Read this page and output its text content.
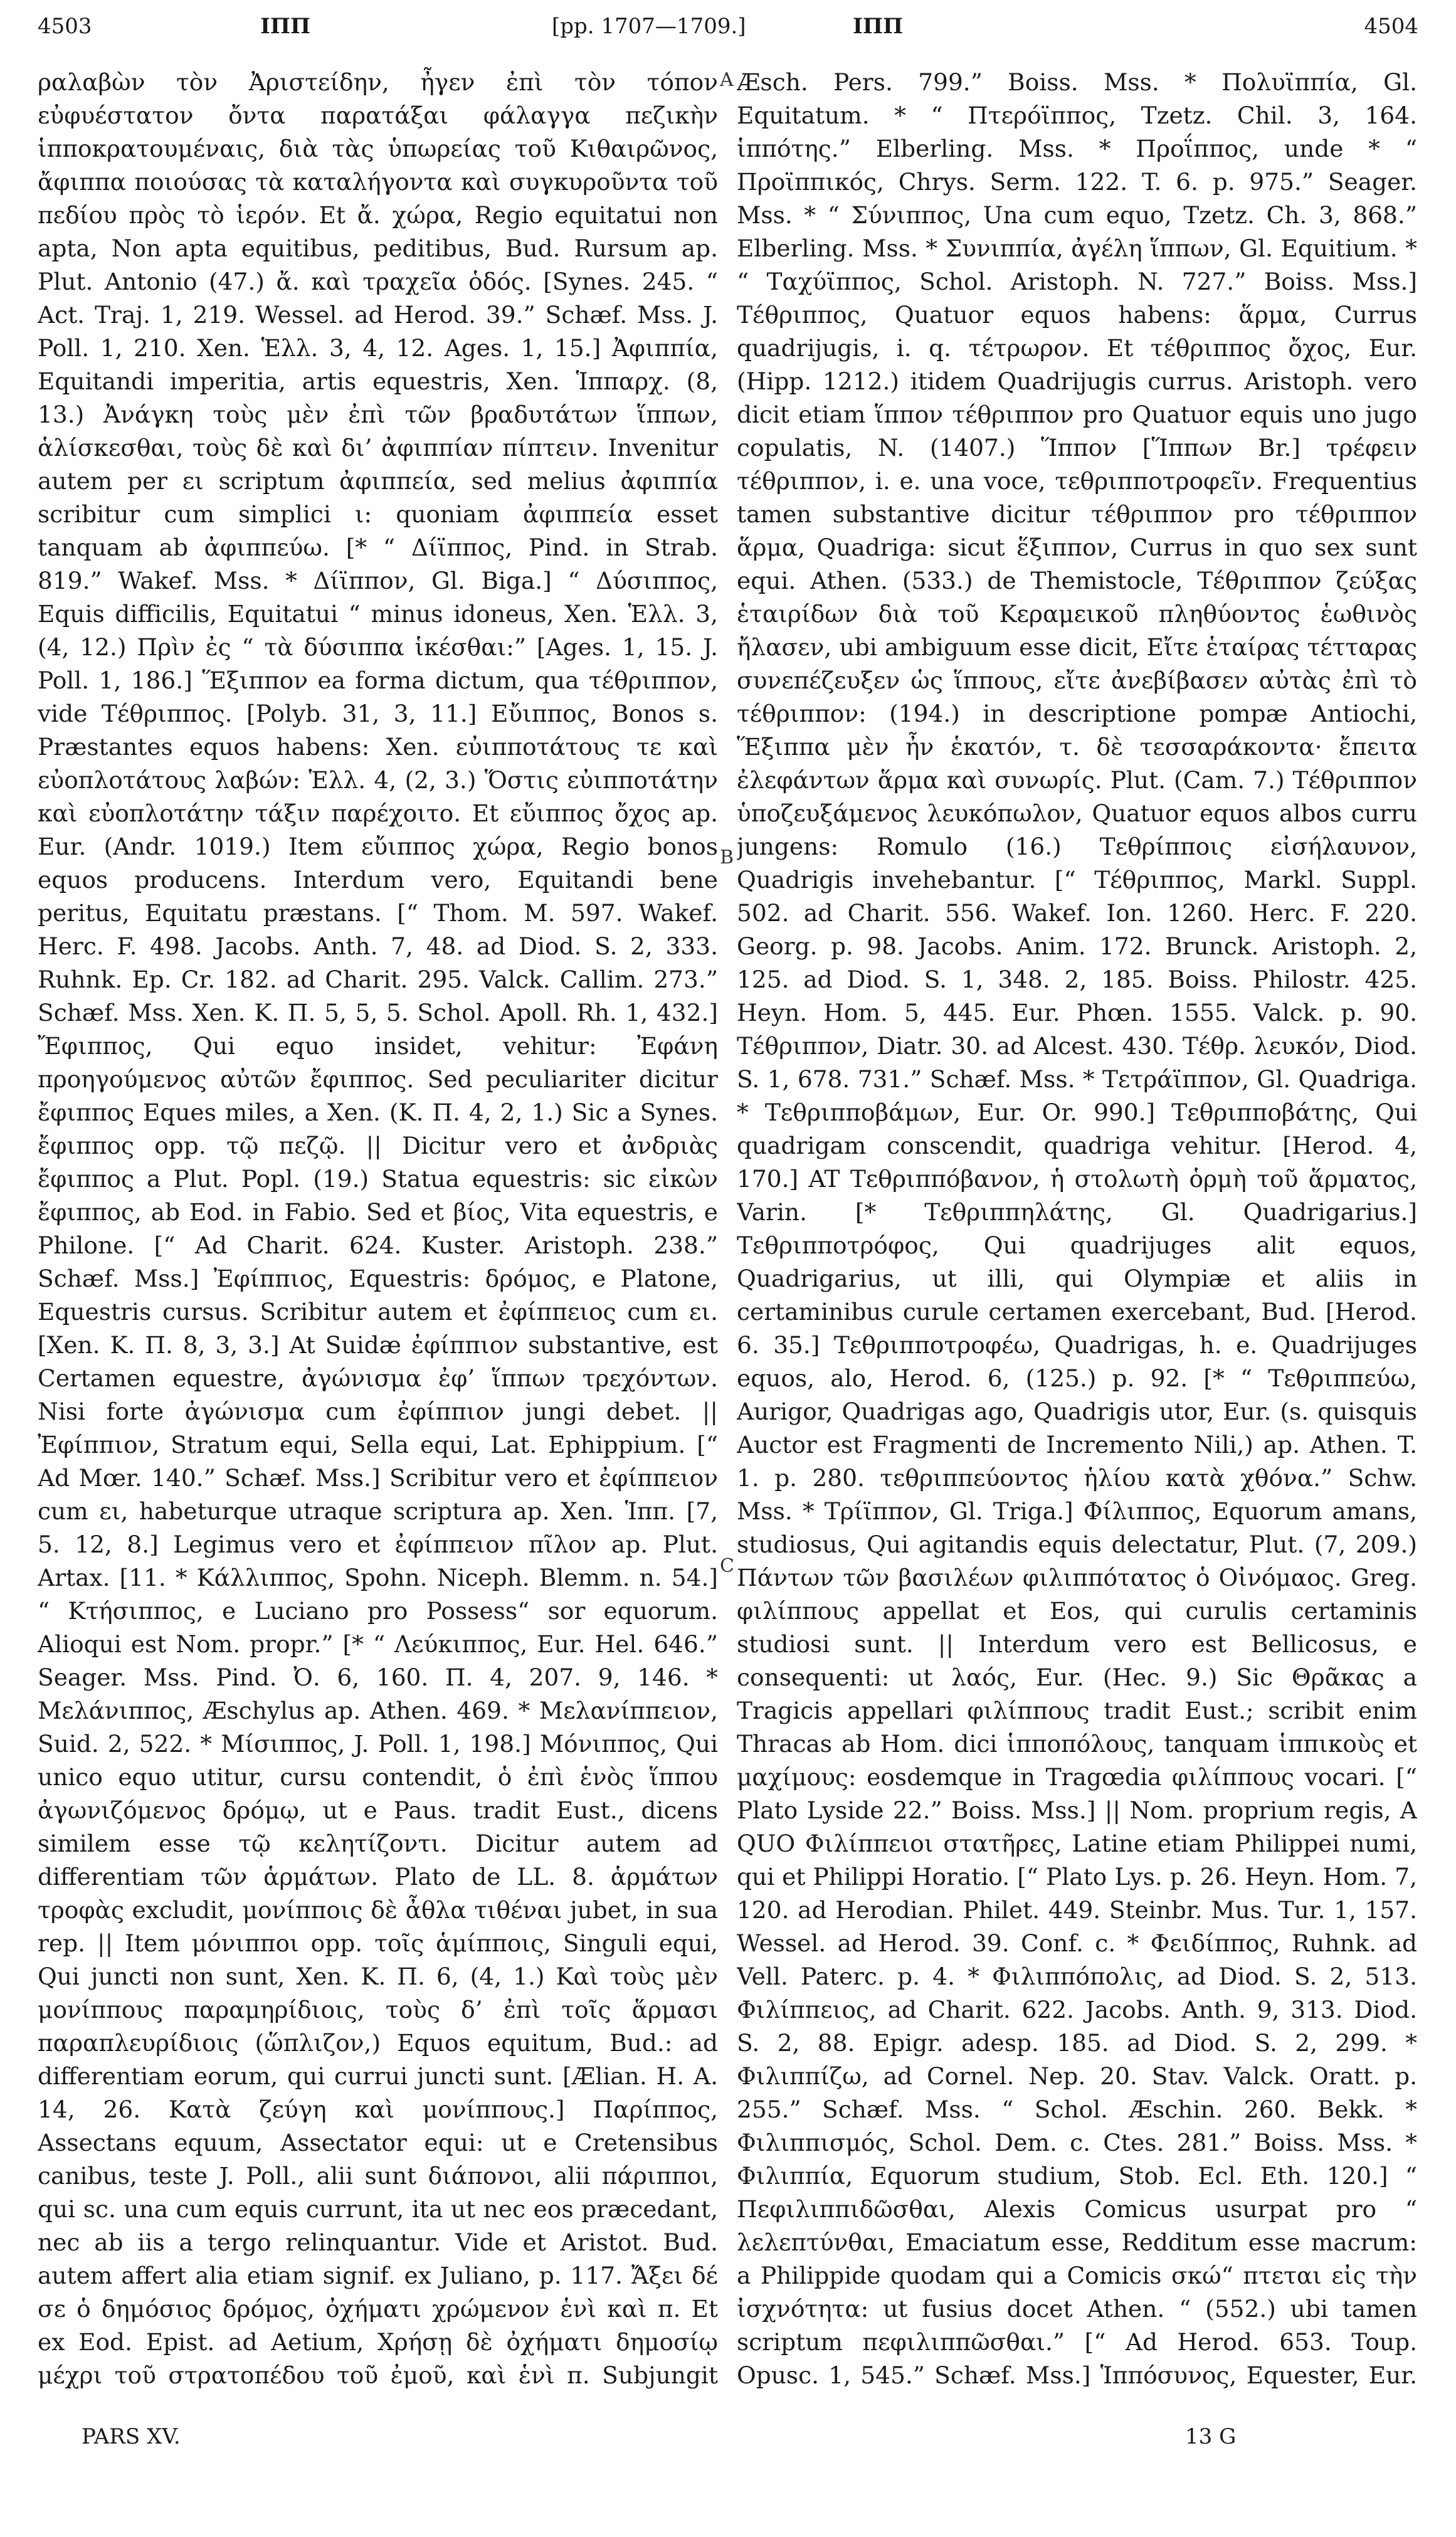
4503	ΙΠΠ	[pp. 1707—1709.]	ΙΠΠ	4504
A
B
C

ραλαβὼν τὸν Ἀριστείδην, ἦγεν ἐπὶ τὸν τόπον εὐφυέστατον ὄντα παρατάξαι φάλαγγα πεζικὴν ἱπποκρατουμέναις, διὰ τὰς ὑπωρείας τοῦ Κιθαιρῶνος, ἄφιππα ποιούσας τὰ καταλήγοντα καὶ συγκυροῦντα τοῦ πεδίου πρὸς τὸ ἱερόν. Et ἄ. χώρα, Regio equitatui non apta, Non apta equitibus, peditibus, Bud. Rursum ap. Plut. Antonio (47.) ἄ. καὶ τραχεῖα ὁδός. [Synes. 245. “ Act. Traj. 1, 219. Wessel. ad Herod. 39.” Schæf. Mss. J. Poll. 1, 210. Xen. Ἑλλ. 3, 4, 12. Ages. 1, 15.] Ἀφιππία, Equitandi imperitia, artis equestris, Xen. Ἱππαρχ. (8, 13.) Ἀνάγκη τοὺς μὲν ἐπὶ τῶν βραδυτάτων ἵππων, ἁλίσκεσθαι, τοὺς δὲ καὶ δι’ ἀφιππίαν πίπτειν. Invenitur autem per ει scriptum ἀφιππεία, sed melius ἀφιππία scribitur cum simplici ι: quoniam ἀφιππεία esset tanquam ab ἀφιππεύω. [* “ Δίϊππος, Pind. in Strab. 819.” Wakef. Mss. * Δίϊππον, Gl. Biga.] “ Δύσιππος, Equis difficilis, Equitatui “ minus idoneus, Xen. Ἑλλ. 3, (4, 12.) Πρὶν ἐς “ τὰ δύσιππα ἱκέσθαι:” [Ages. 1, 15. J. Poll. 1, 186.] Ἕξιππον ea forma dictum, qua τέθριππον, vide Τέθριππος. [Polyb. 31, 3, 11.] Εὔιππος, Bonos s. Præstantes equos habens: Xen. εὐιπποτάτους τε καὶ εὐοπλοτάτους λαβών: Ἑλλ. 4, (2, 3.) Ὅστις εὐιπποτάτην καὶ εὐοπλοτάτην τάξιν παρέχοιτο. Et εὔιππος ὄχος ap. Eur. (Andr. 1019.) Item εὔιππος χώρα, Regio bonos equos producens. Interdum vero, Equitandi bene peritus, Equitatu præstans. [“ Thom. M. 597. Wakef. Herc. F. 498. Jacobs. Anth. 7, 48. ad Diod. S. 2, 333. Ruhnk. Ep. Cr. 182. ad Charit. 295. Valck. Callim. 273.” Schæf. Mss. Xen. K. Π. 5, 5, 5. Schol. Apoll. Rh. 1, 432.] Ἔφιππος, Qui equo insidet, vehitur: Ἐφάνη προηγούμενος αὐτῶν ἔφιππος. Sed peculiariter dicitur ἔφιππος Eques miles, a Xen. (K. Π. 4, 2, 1.) Sic a Synes. ἔφιππος opp. τῷ πεζῷ. || Dicitur vero et ἀνδριὰς ἔφιππος a Plut. Popl. (19.) Statua equestris: sic εἰκὼν ἔφιππος, ab Eod. in Fabio. Sed et βίος, Vita equestris, e Philone. [“ Ad Charit. 624. Kuster. Aristoph. 238.” Schæf. Mss.] Ἐφίππιος, Equestris: δρόμος, e Platone, Equestris cursus. Scribitur autem et ἐφίππειος cum ει. [Xen. K. Π. 8, 3, 3.] At Suidæ ἐφίππιον substantive, est Certamen equestre, ἀγώνισμα ἐφ’ ἵππων τρεχόντων. Nisi forte ἀγώνισμα cum ἐφίππιον jungi debet. || Ἐφίππιον, Stratum equi, Sella equi, Lat. Ephippium. [“ Ad Mœr. 140.” Schæf. Mss.] Scribitur vero et ἐφίππειον cum ει, habeturque utraque scriptura ap. Xen. Ἱππ. [7, 5. 12, 8.] Legimus vero et ἐφίππειον πῖλον ap. Plut. Artax. [11. * Κάλλιππος, Spohn. Niceph. Blemm. n. 54.] “ Κτήσιππος, e Luciano pro Possess“ sor equorum. Alioqui est Nom. propr.” [* “ Λεύκιππος, Eur. Hel. 646.” Seager. Mss. Pind. Ὀ. 6, 160. Π. 4, 207. 9, 146. * Μελάνιππος, Æschylus ap. Athen. 469. * Μελανίππειον, Suid. 2, 522. * Μίσιππος, J. Poll. 1, 198.] Μόνιππος, Qui unico equo utitur, cursu contendit, ὁ ἐπὶ ἑνὸς ἵππου ἀγωνιζόμενος δρόμῳ, ut e Paus. tradit Eust., dicens similem esse τῷ κελητίζοντι. Dicitur autem ad differentiam τῶν ἁρμάτων. Plato de LL. 8. ἁρμάτων τροφὰς excludit, μονίπποις δὲ ἆθλα τιθέναι jubet, in sua rep. || Item μόνιπποι opp. τοῖς ἁμίπποις, Singuli equi, Qui juncti non sunt, Xen. K. Π. 6, (4, 1.) Καὶ τοὺς μὲν μονίππους παραμηρίδιοις, τοὺς δ’ ἐπὶ τοῖς ἅρμασι παραπλευρίδιοις (ὥπλιζον,) Equos equitum, Bud.: ad differentiam eorum, qui currui juncti sunt. [Ælian. H. A. 14, 26. Κατὰ ζεύγη καὶ μονίππους.] Παρίππος, Assectans equum, Assectator equi: ut e Cretensibus canibus, teste J. Poll., alii sunt διάπονοι, alii πάριπποι, qui sc. una cum equis currunt, ita ut nec eos præcedant, nec ab iis a tergo relinquantur. Vide et Aristot. Bud. autem affert alia etiam signif. ex Juliano, p. 117. Ἄξει δέ σε ὁ δημόσιος δρόμος, ὀχήματι χρώμενον ἑνὶ καὶ π. Et ex Eod. Epist. ad Aetium, Χρήσῃ δὲ ὀχήματι δημοσίῳ μέχρι τοῦ στρατοπέδου τοῦ ἐμοῦ, καὶ ἑνὶ π. Subjungit

Æsch. Pers. 799.” Boiss. Mss. * Πολυϊππία, Gl. Equitatum. * “ Πτερόϊππος, Tzetz. Chil. 3, 164. ἱππότης.” Elberling. Mss. * Προΐππος, unde * “ Προϊππικός, Chrys. Serm. 122. T. 6. p. 975.” Seager. Mss. * “ Σύνιππος, Una cum equo, Tzetz. Ch. 3, 868.” Elberling. Mss. * Συνιππία, ἀγέλη ἵππων, Gl. Equitium. * “ Ταχύϊππος, Schol. Aristoph. N. 727.” Boiss. Mss.] Τέθριππος, Quatuor equos habens: ἅρμα, Currus quadrijugis, i. q. τέτρωρον. Et τέθριππος ὄχος, Eur. (Hipp. 1212.) itidem Quadrijugis currus. Aristoph. vero dicit etiam ἵππον τέθριππον pro Quatuor equis uno jugo copulatis, N. (1407.) Ἵππον [Ἵππων Br.] τρέφειν τέθριππον, i. e. una voce, τεθριπποτροφεῖν. Frequentius tamen substantive dicitur τέθριππον pro τέθριππον ἅρμα, Quadriga: sicut ἕξιππον, Currus in quo sex sunt equi. Athen. (533.) de Themistocle, Τέθριππον ζεύξας ἑταιρίδων διὰ τοῦ Κεραμεικοῦ πληθύοντος ἑωθινὸς ἤλασεν, ubi ambiguum esse dicit, Εἴτε ἑταίρας τέτταρας συνεπέζευξεν ὡς ἵππους, εἴτε ἀνεβίβασεν αὐτὰς ἐπὶ τὸ τέθριππον: (194.) in descriptione pompæ Antiochi, Ἕξιππα μὲν ἦν ἑκατόν, τ. δὲ τεσσαράκοντα· ἔπειτα ἐλεφάντων ἅρμα καὶ συνωρίς. Plut. (Cam. 7.) Τέθριππον ὑποζευξάμενος λευκόπωλον, Quatuor equos albos curru jungens: Romulo (16.) Τεθρίπποις εἰσήλαυνον, Quadrigis invehebantur. [“ Τέθριππος, Markl. Suppl. 502. ad Charit. 556. Wakef. Ion. 1260. Herc. F. 220. Georg. p. 98. Jacobs. Anim. 172. Brunck. Aristoph. 2, 125. ad Diod. S. 1, 348. 2, 185. Boiss. Philostr. 425. Heyn. Hom. 5, 445. Eur. Phœn. 1555. Valck. p. 90. Τέθριππον, Diatr. 30. ad Alcest. 430. Τέθρ. λευκόν, Diod. S. 1, 678. 731.” Schæf. Mss. * Τετράϊππον, Gl. Quadriga. * Τεθριπποβάμων, Eur. Or. 990.] Τεθριπποβάτης, Qui quadrigam conscendit, quadriga vehitur. [Herod. 4, 170.] AT Τεθριππόβανον, ἡ στολωτὴ ὁρμὴ τοῦ ἅρματος, Varin. [* Τεθριππηλάτης, Gl. Quadrigarius.] Τεθριπποτρόφος, Qui quadrijuges alit equos, Quadrigarius, ut illi, qui Olympiæ et aliis in certaminibus curule certamen exercebant, Bud. [Herod. 6. 35.] Τεθριπποτροφέω, Quadrigas, h. e. Quadrijuges equos, alo, Herod. 6, (125.) p. 92. [* “ Τεθριππεύω, Aurigor, Quadrigas ago, Quadrigis utor, Eur. (s. quisquis Auctor est Fragmenti de Incremento Nili,) ap. Athen. T. 1. p. 280. τεθριππεύοντος ἡλίου κατὰ χθόνα.” Schw. Mss. * Τρίϊππον, Gl. Triga.] Φίλιππος, Equorum amans, studiosus, Qui agitandis equis delectatur, Plut. (7, 209.) Πάντων τῶν βασιλέων φιλιππότατος ὁ Οἰνόμαος. Greg. φιλίππους appellat et Eos, qui curulis certaminis studiosi sunt. || Interdum vero est Bellicosus, e consequenti: ut λαός, Eur. (Hec. 9.) Sic Θρᾶκας a Tragicis appellari φιλίππους tradit Eust.; scribit enim Thracas ab Hom. dici ἱπποπόλους, tanquam ἱππικοὺς et μαχίμους: eosdemque in Tragœdia φιλίππους vocari. [“ Plato Lyside 22.” Boiss. Mss.] || Nom. proprium regis, A QUO Φιλίππειοι στατῆρες, Latine etiam Philippei numi, qui et Philippi Horatio. [“ Plato Lys. p. 26. Heyn. Hom. 7, 120. ad Herodian. Philet. 449. Steinbr. Mus. Tur. 1, 157. Wessel. ad Herod. 39. Conf. c. * Φειδίππος, Ruhnk. ad Vell. Paterc. p. 4. * Φιλιππόπολις, ad Diod. S. 2, 513. Φιλίππειος, ad Charit. 622. Jacobs. Anth. 9, 313. Diod. S. 2, 88. Epigr. adesp. 185. ad Diod. S. 2, 299. * Φιλιππίζω, ad Cornel. Nep. 20. Stav. Valck. Oratt. p. 255.” Schæf. Mss. “ Schol. Æschin. 260. Bekk. * Φιλιππισμός, Schol. Dem. c. Ctes. 281.” Boiss. Mss. * Φιλιππία, Equorum studium, Stob. Ecl. Eth. 120.] “ Πεφιλιππιδῶσθαι, Alexis Comicus usurpat pro “ λελεπτύνθαι, Emaciatum esse, Redditum esse macrum: a Philippide quodam qui a Comicis σκώ“ πτεται εἰς τὴν ἰσχνότητα: ut fusius docet Athen. “ (552.) ubi tamen scriptum πεφιλιππῶσθαι.” [“ Ad Herod. 653. Toup. Opusc. 1, 545.” Schæf. Mss.] Ἱππόσυνος, Equester, Eur.

PARS XV.	13 G
